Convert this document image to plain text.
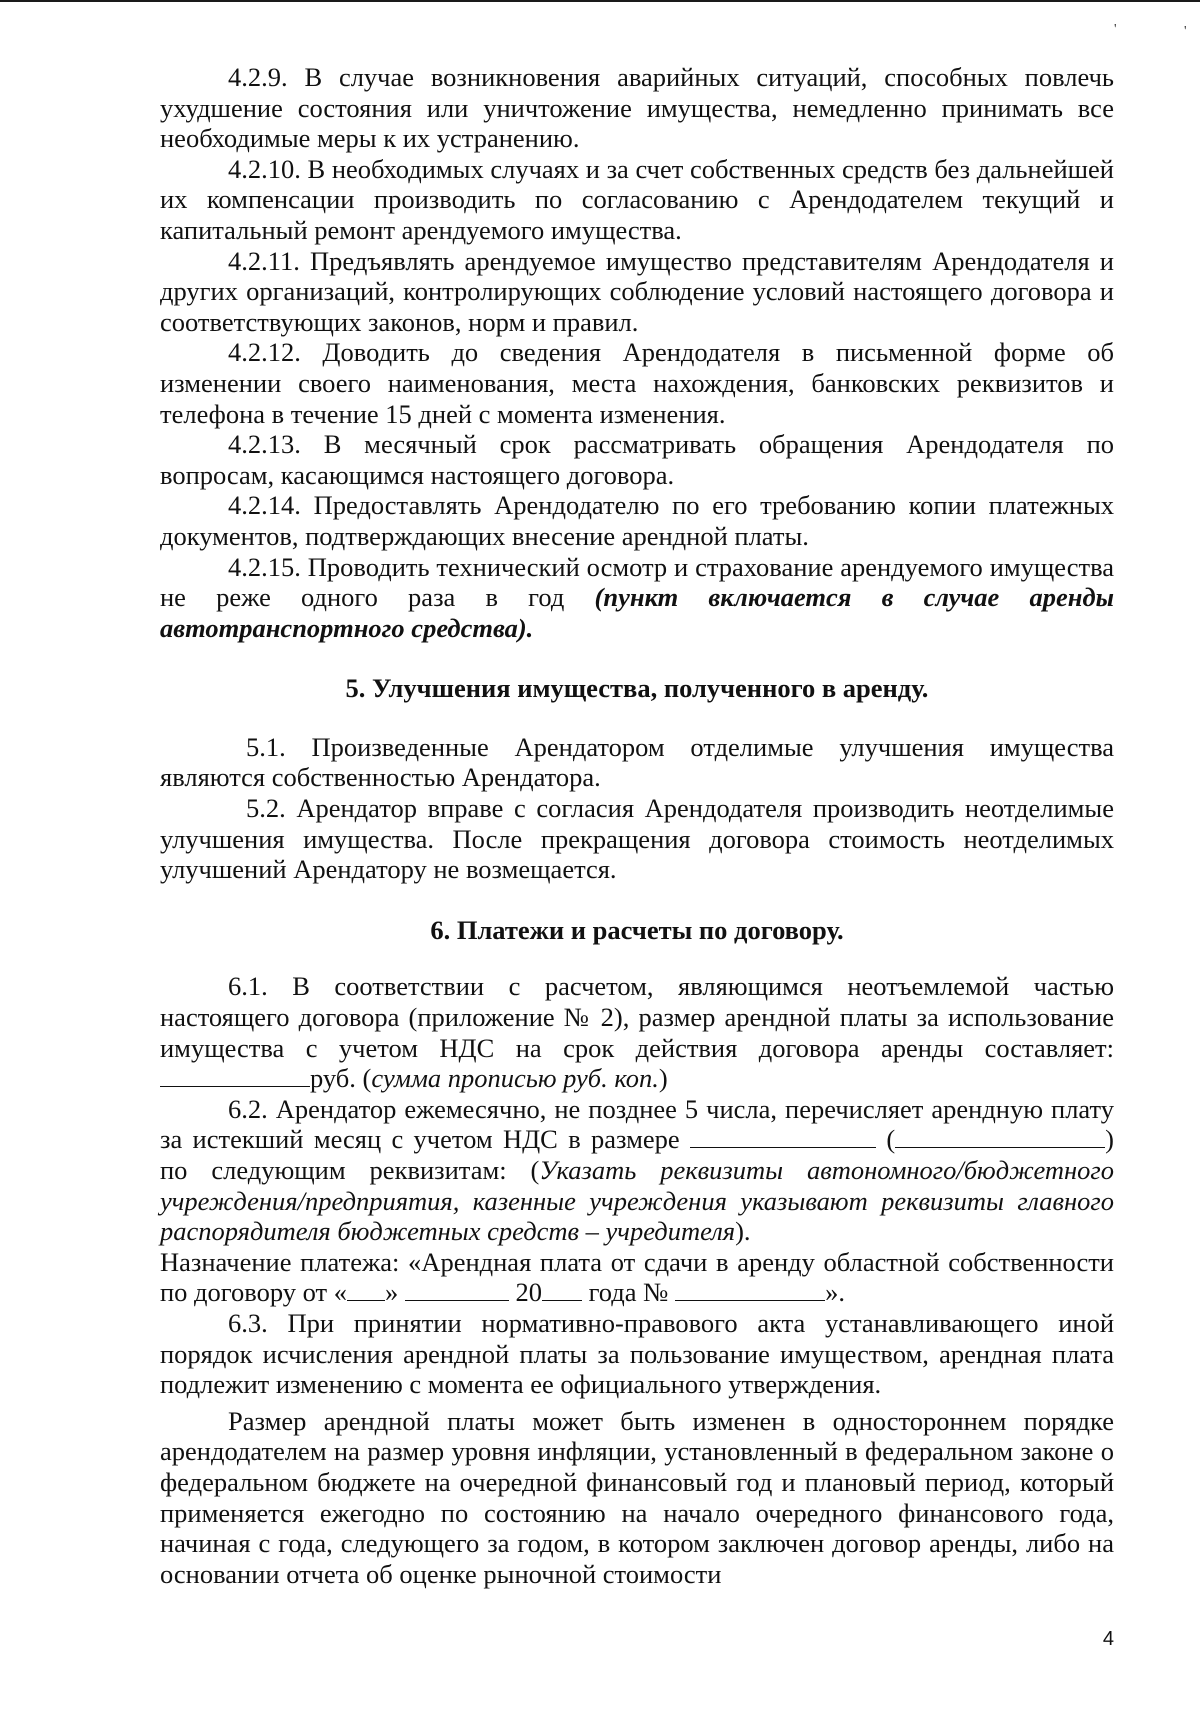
'	'

4.2.9. В случае возникновения аварийных ситуаций, способных повлечь ухудшение состояния или уничтожение имущества, немедленно принимать все необходимые меры к их устранению.

4.2.10. В необходимых случаях и за счет собственных средств без дальнейшей их компенсации производить по согласованию с Арендодателем текущий и капитальный ремонт арендуемого имущества.

4.2.11. Предъявлять арендуемое имущество представителям Арендодателя и других организаций, контролирующих соблюдение условий настоящего договора и соответствующих законов, норм и правил.

4.2.12. Доводить до сведения Арендодателя в письменной форме об изменении своего наименования, места нахождения, банковских реквизитов и телефона в течение 15 дней с момента изменения.

4.2.13. В месячный срок рассматривать обращения Арендодателя по вопросам, касающимся настоящего договора.

4.2.14. Предоставлять Арендодателю по его требованию копии платежных документов, подтверждающих внесение арендной платы.

4.2.15. Проводить технический осмотр и страхование арендуемого имущества не реже одного раза в год (пункт включается в случае аренды автотранспортного средства).

5. Улучшения имущества, полученного в аренду.

5.1. Произведенные Арендатором отделимые улучшения имущества являются собственностью Арендатора.

5.2. Арендатор вправе с согласия Арендодателя производить неотделимые улучшения имущества. После прекращения договора стоимость неотделимых улучшений Арендатору не возмещается.

6. Платежи и расчеты по договору.

6.1. В соответствии с расчетом, являющимся неотъемлемой частью настоящего договора (приложение № 2), размер арендной платы за использование имущества с учетом НДС на срок действия договора аренды составляет: руб. (сумма прописью руб. коп.)

6.2. Арендатор ежемесячно, не позднее 5 числа, перечисляет арендную плату за истекший месяц с учетом НДС в размере	(	) по следующим реквизитам: (Указать реквизиты автономного/бюджетного учреждения/предприятия, казенные учреждения указывают реквизиты главного распорядителя бюджетных средств – учредителя).

Назначение платежа: «Арендная плата от сдачи в аренду областной собственности по договору от « »	20 года №	».

6.3. При принятии нормативно-правового акта устанавливающего иной порядок исчисления арендной платы за пользование имуществом, арендная плата подлежит изменению с момента ее официального утверждения.

Размер арендной платы может быть изменен в одностороннем порядке арендодателем на размер уровня инфляции, установленный в федеральном законе о федеральном бюджете на очередной финансовый год и плановый период, который применяется ежегодно по состоянию на начало очередного финансового года, начиная с года, следующего за годом, в котором заключен договор аренды, либо на основании отчета об оценке рыночной стоимости

4
